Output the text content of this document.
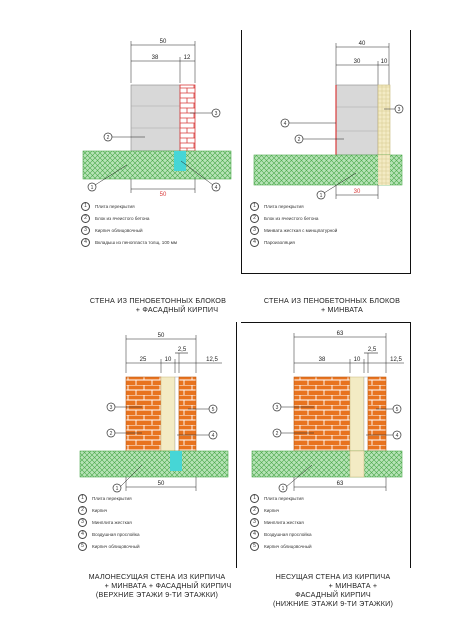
50
38	12
50
2
3
4
1
1	Плита перекрытия
2	Блок из ячеистого бетона
3	Кирпич облицовочный
4	Вкладыш из пенопласта толщ. 100 мм
40
30	10
30
4
2
3
1
1	Плита перекрытия
2	Блок из ячеистого бетона
3	Минвата жесткая с минщпатурной
4	Пароизоляция
СТЕНА ИЗ ПЕНОБЕТОННЫХ БЛОКОВ
+ ФАСАДНЫЙ КИРПИЧ
СТЕНА ИЗ ПЕНОБЕТОННЫХ БЛОКОВ
+ МИНВАТА
50
25	10
2,5
12,5
50
3
2
5
4
1
1	Плита перекрытия
2	Кирпич
3	Минплита жесткая
4	Воздушная прослойка
5	Кирпич облицовочный
63
38	10
2,5
12,5
63
3
2
5
4
1
1	Плита перекрытия
2	Кирпич
3	Минплита жесткая
4	Воздушная прослойка
5	Кирпич облицовочный
МАЛОНЕСУЩАЯ СТЕНА ИЗ КИРПИЧА
+ МИНВАТА + ФАСАДНЫЙ КИРПИЧ
(ВЕРХНИЕ ЭТАЖИ 9-ТИ ЭТАЖКИ)
НЕСУЩАЯ СТЕНА ИЗ КИРПИЧА
+ МИНВАТА +
ФАСАДНЫЙ КИРПИЧ
(НИЖНИЕ ЭТАЖИ 9-ТИ ЭТАЖКИ)
